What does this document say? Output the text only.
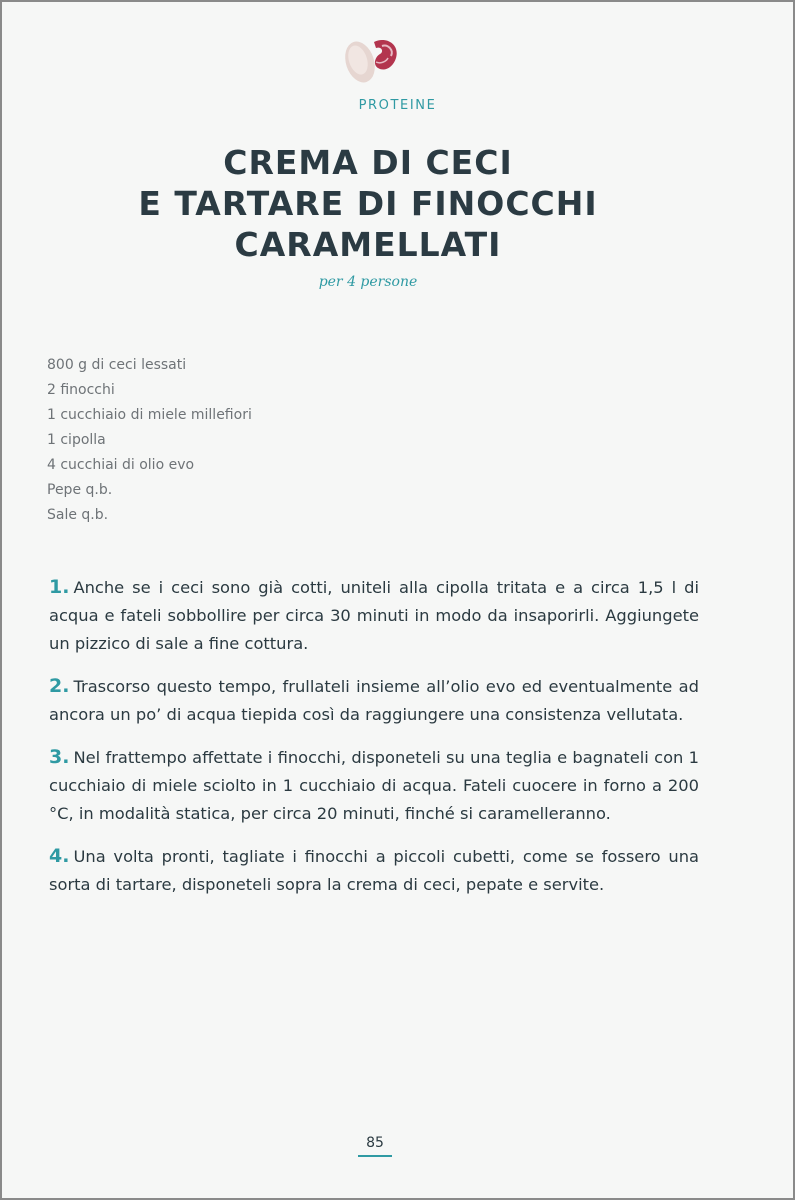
PROTEINE
CREMA DI CECI
E TARTARE DI FINOCCHI
CARAMELLATI
per 4 persone
800 g di ceci lessati
2 finocchi
1 cucchiaio di miele millefiori
1 cipolla
4 cucchiai di olio evo
Pepe q.b.
Sale q.b.

1. Anche se i ceci sono già cotti, uniteli alla cipolla tritata e a circa 1,5 l di acqua e fateli sobbollire per circa 30 minuti in modo da insaporirli. Aggiungete un pizzico di sale a fine cottura.

2. Trascorso questo tempo, frullateli insieme all’olio evo ed eventualmente ad ancora un po’ di acqua tiepida così da raggiungere una consistenza vellutata.

3. Nel frattempo affettate i finocchi, disponeteli su una teglia e bagnateli con 1 cucchiaio di miele sciolto in 1 cucchiaio di acqua. Fateli cuocere in forno a 200 °C, in modalità statica, per circa 20 minuti, finché si caramelleranno.

4. Una volta pronti, tagliate i finocchi a piccoli cubetti, come se fossero una sorta di tartare, disponeteli sopra la crema di ceci, pepate e servite.

85
